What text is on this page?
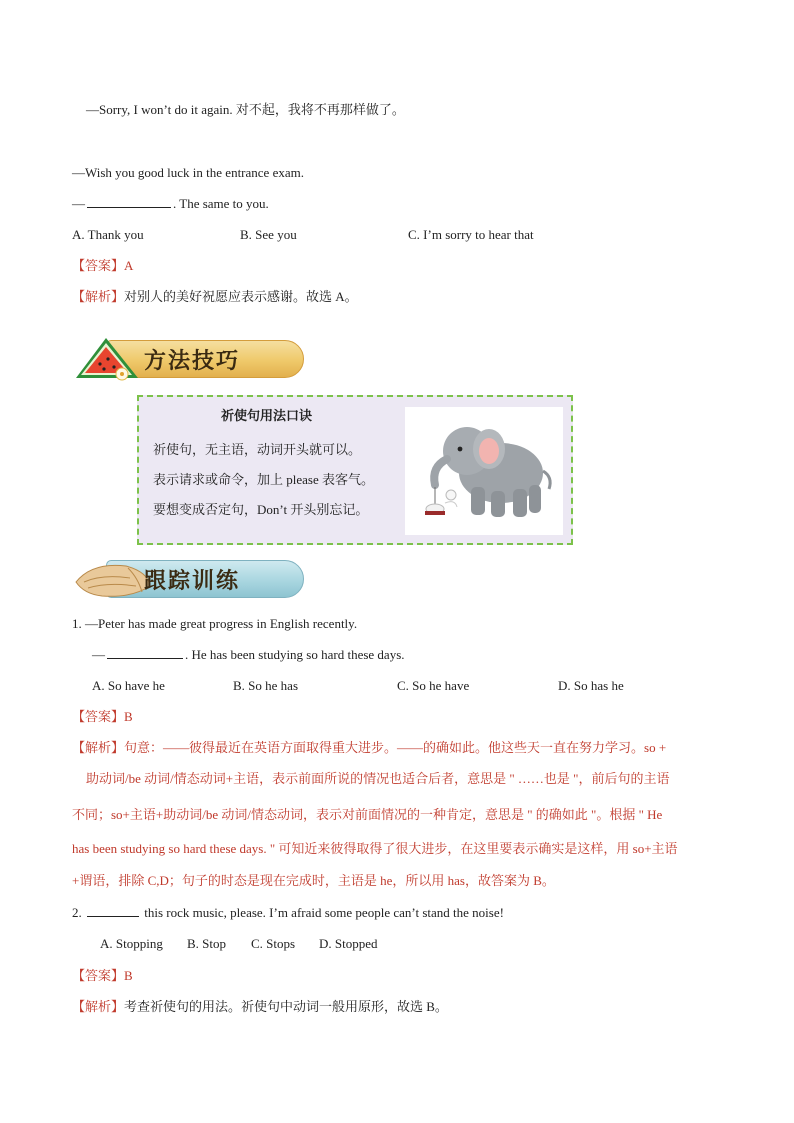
—Sorry, I won’t do it again. 对不起，我将不再那样做了。
—Wish you good luck in the entrance exam.
—	. The same to you.
A. Thank you	B. See you	C. I’m sorry to hear that
【答案】A
【解析】对别人的美好祝愿应表示感谢。故选 A。
方法技巧
祈使句用法口诀
祈使句，无主语，动词开头就可以。
表示请求或命令，加上 please 表客气。
要想变成否定句，Don’t 开头别忘记。
跟踪训练
1. —Peter has made great progress in English recently.
—	. He has been studying so hard these days.
A. So have he	B. So he has	C. So he have	D. So has he
【答案】B
【解析】句意：——彼得最近在英语方面取得重大进步。——的确如此。他这些天一直在努力学习。so +
助动词/be 动词/情态动词+主语，表示前面所说的情况也适合后者，意思是 " ……也是 "，前后句的主语
不同；so+主语+助动词/be 动词/情态动词，表示对前面情况的一种肯定，意思是 " 的确如此 "。根据 " He
has been studying so hard these days. " 可知近来彼得取得了很大进步，在这里要表示确实是这样，用 so+主语
+谓语，排除 C,D；句子的时态是现在完成时，主语是 he，所以用 has，故答案为 B。
2.	this rock music, please. I’m afraid some people can’t stand the noise!
A. Stopping B. Stop C. Stops D. Stopped
【答案】B
【解析】考查祈使句的用法。祈使句中动词一般用原形，故选 B。
